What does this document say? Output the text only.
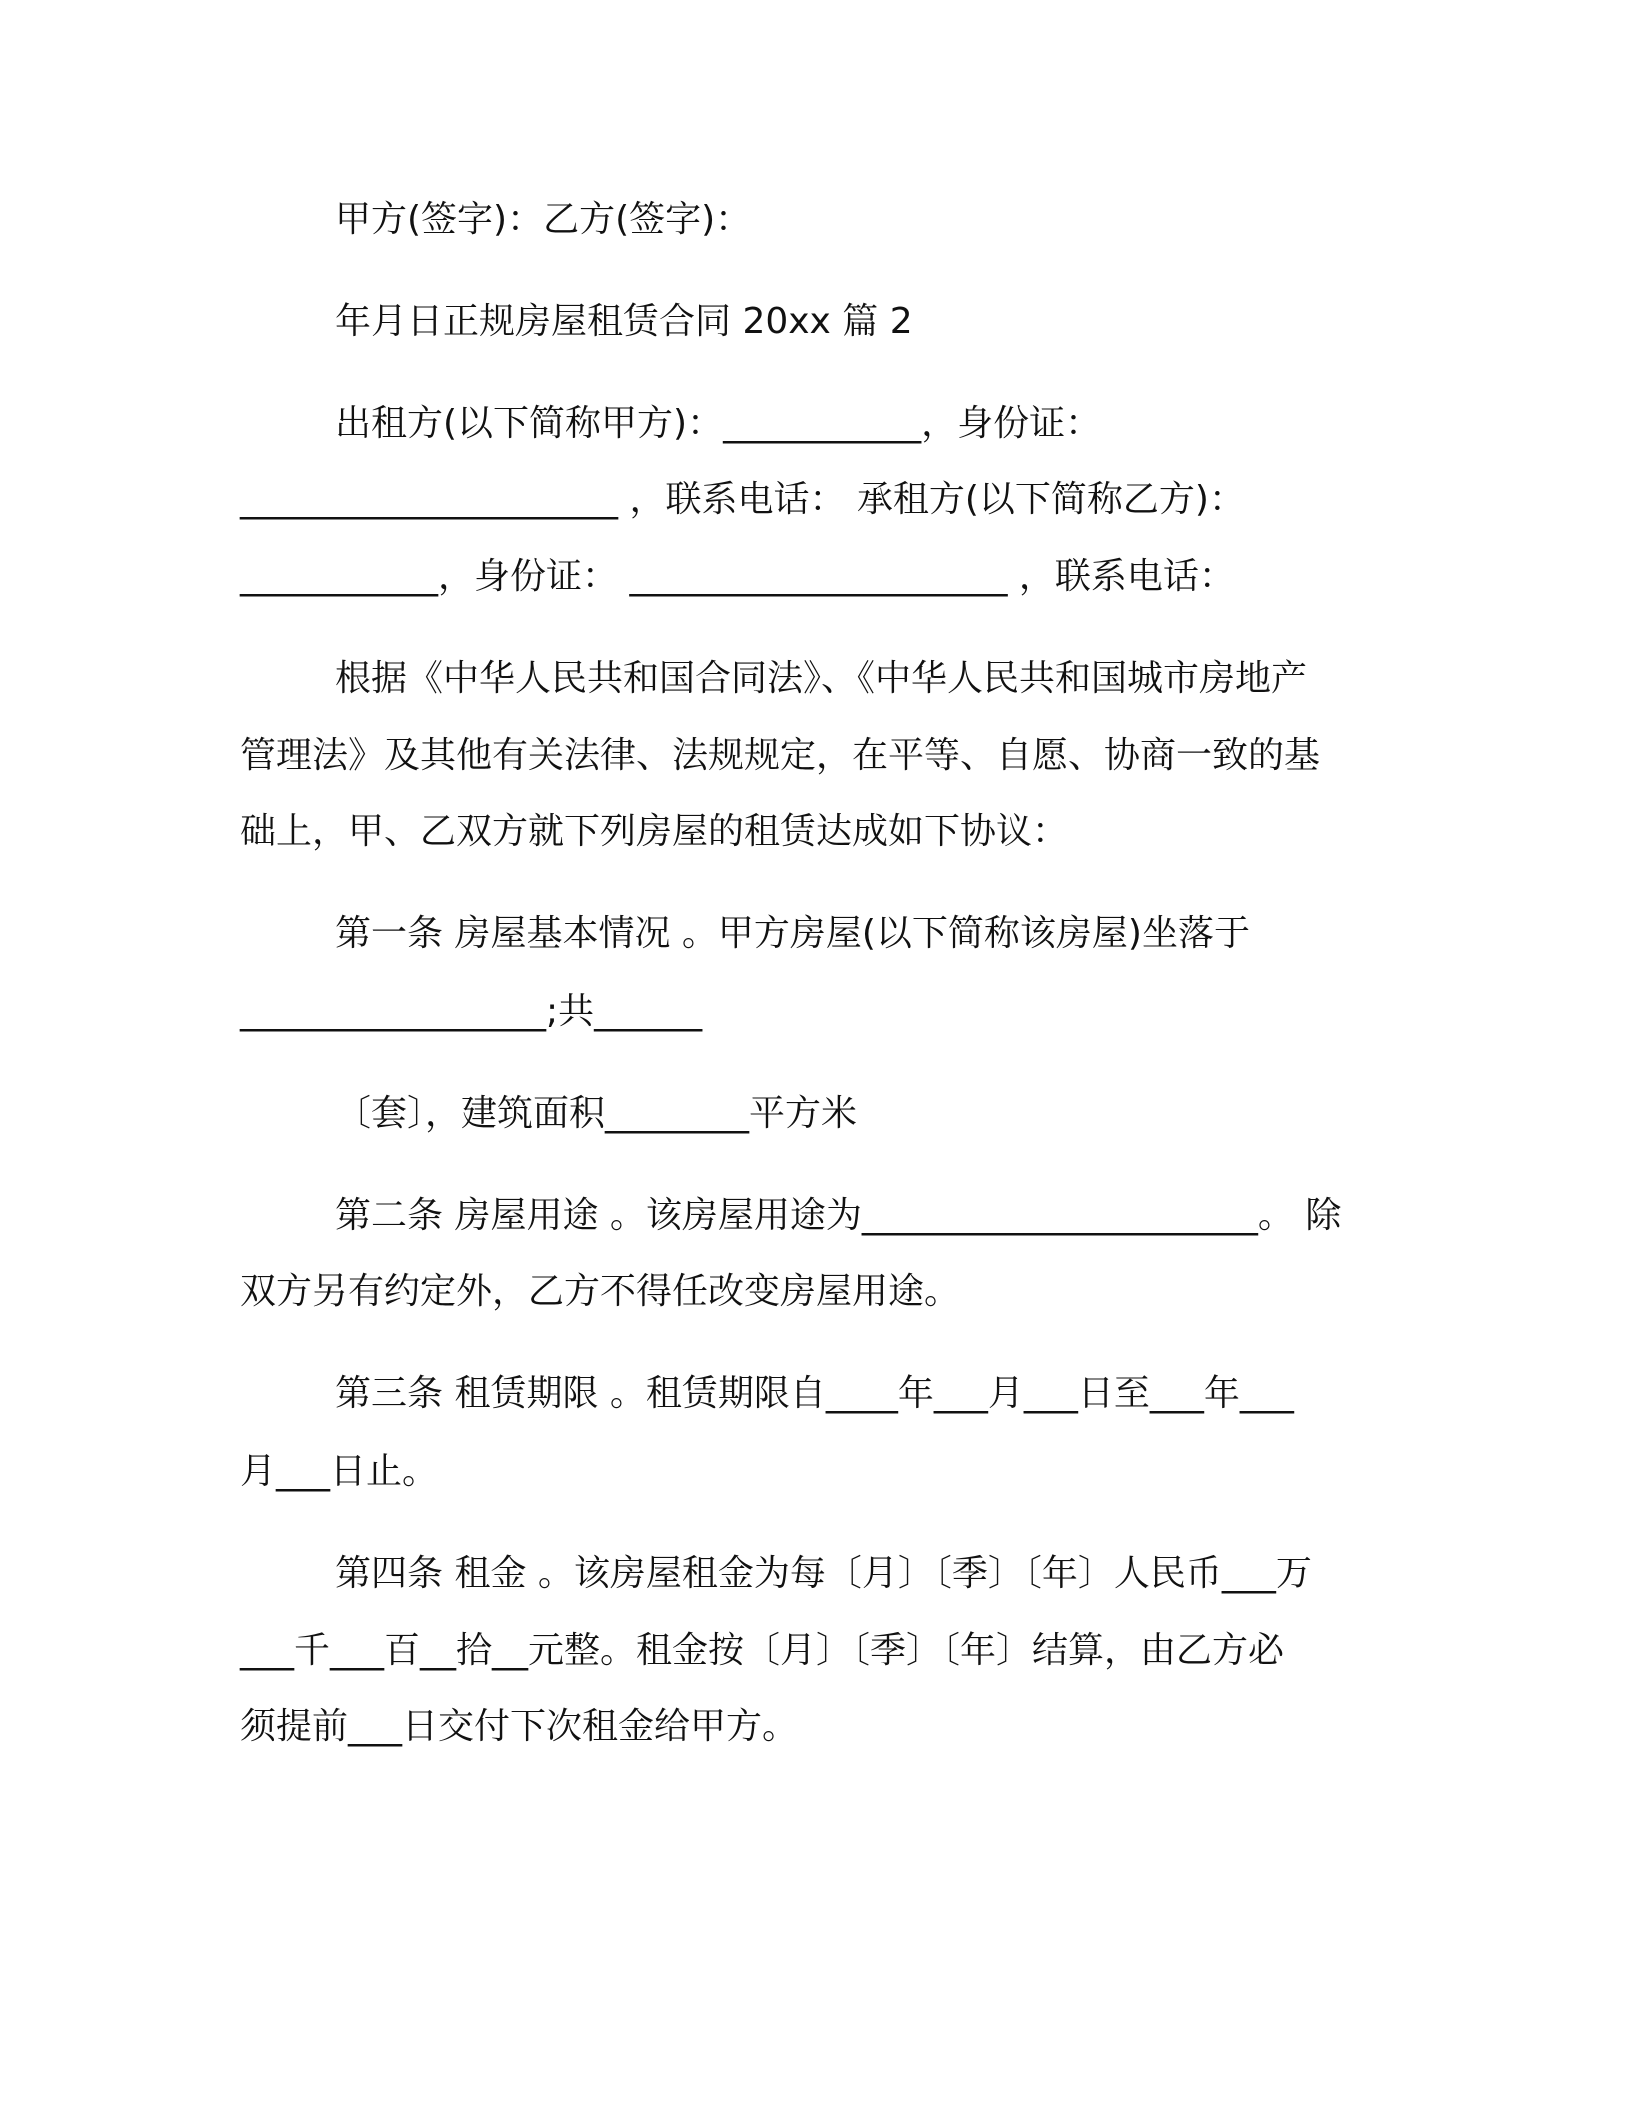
甲方(签字)：乙方(签字)：
年月日正规房屋租赁合同 20xx 篇 2
出租方(以下简称甲方)：___________，身份证：
_____________________ ，联系电话： 承租方(以下简称乙方)：
___________，身份证： _____________________ ，联系电话：
根据《中华人民共和国合同法》、《中华人民共和国城市房地产
管理法》及其他有关法律、法规规定，在平等、自愿、协商一致的基
础上，甲、乙双方就下列房屋的租赁达成如下协议：
第一条 房屋基本情况 。甲方房屋(以下简称该房屋)坐落于
_________________;共______
〔套〕，建筑面积________平方米
第二条 房屋用途 。该房屋用途为______________________。 除
双方另有约定外，乙方不得任改变房屋用途。
第三条 租赁期限 。租赁期限自____年___月___日至___年___
月___日止。
第四条 租金 。该房屋租金为每〔月〕〔季〕〔年〕人民币___万
___千___百__拾__元整。租金按〔月〕〔季〕〔年〕结算，由乙方必
须提前___日交付下次租金给甲方。
